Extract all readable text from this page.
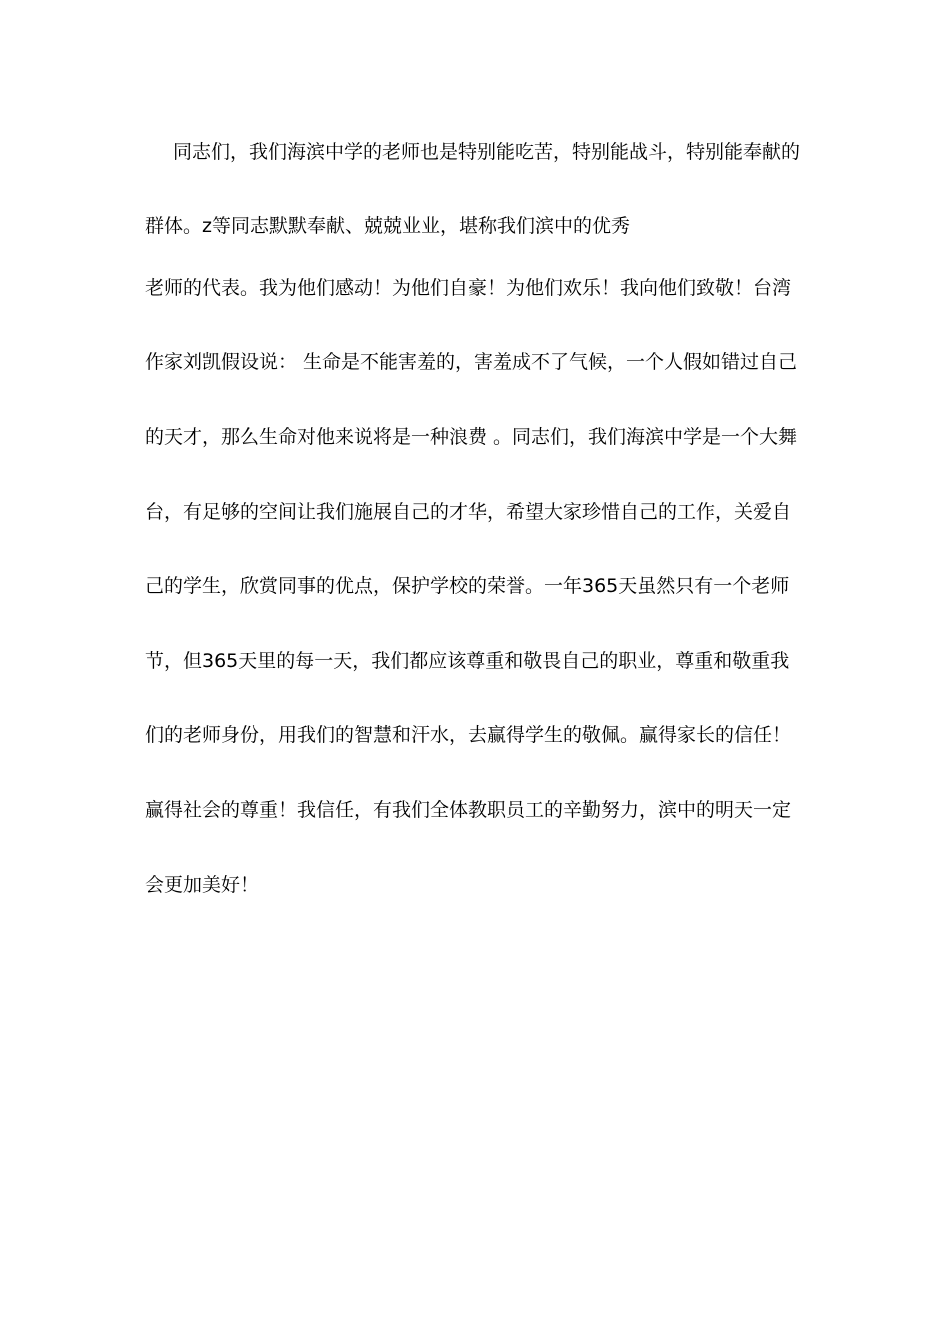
同志们，我们海滨中学的老师也是特别能吃苦，特别能战斗，特别能奉献的
群体。z等同志默默奉献、兢兢业业，堪称我们滨中的优秀
老师的代表。我为他们感动！为他们自豪！为他们欢乐！我向他们致敬！台湾
作家刘凯假设说： 生命是不能害羞的，害羞成不了气候，一个人假如错过自己
的天才，那么生命对他来说将是一种浪费 。同志们，我们海滨中学是一个大舞
台，有足够的空间让我们施展自己的才华，希望大家珍惜自己的工作，关爱自
己的学生，欣赏同事的优点，保护学校的荣誉。一年365天虽然只有一个老师
节，但365天里的每一天，我们都应该尊重和敬畏自己的职业，尊重和敬重我
们的老师身份，用我们的智慧和汗水，去赢得学生的敬佩。赢得家长的信任！
赢得社会的尊重！我信任，有我们全体教职员工的辛勤努力，滨中的明天一定
会更加美好！
